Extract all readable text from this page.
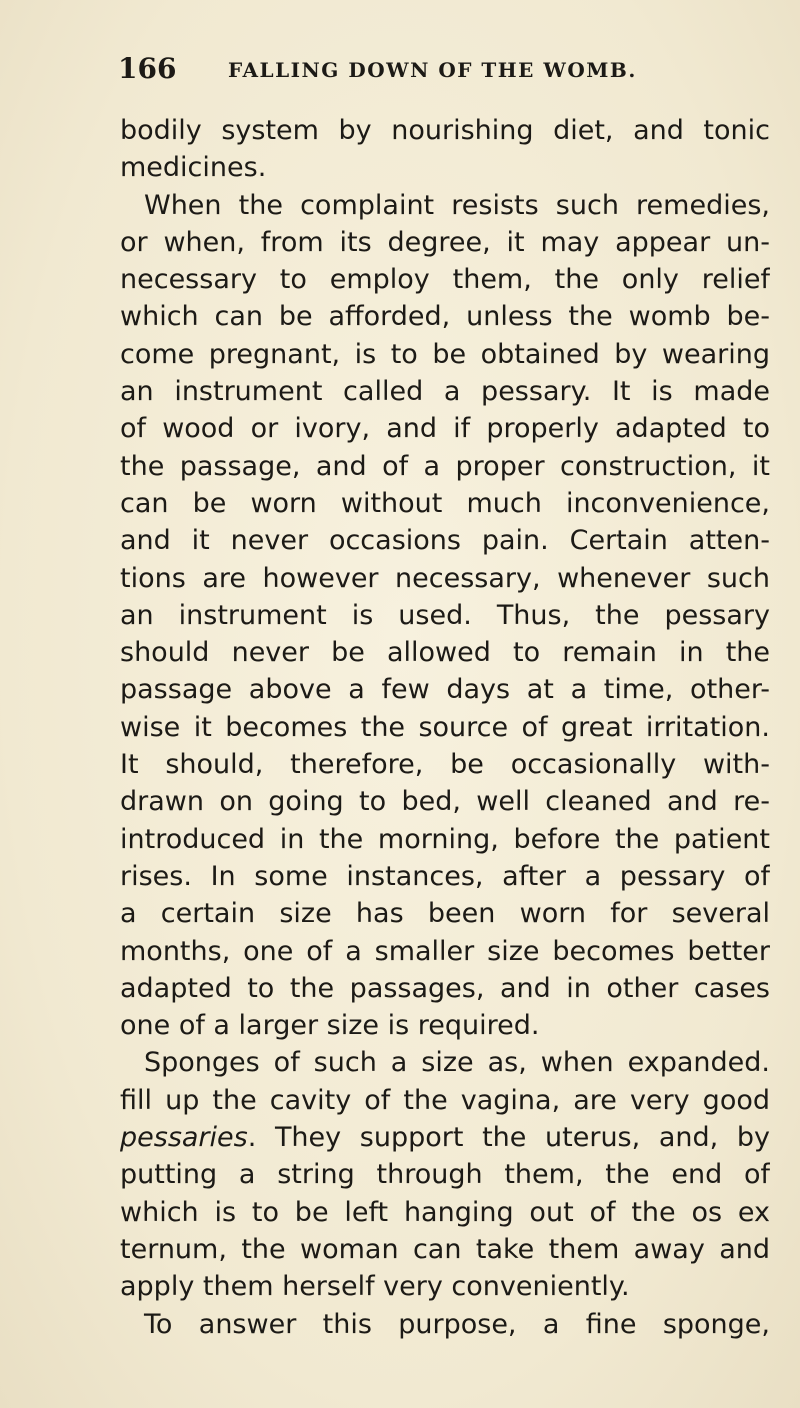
166	FALLING DOWN OF THE WOMB.
bodily system by nourishing diet, and tonic
medicines.
When the complaint resists such remedies,
or when, from its degree, it may appear un-
necessary to employ them, the only relief
which can be afforded, unless the womb be-
come pregnant, is to be obtained by wearing
an instrument called a pessary. It is made
of wood or ivory, and if properly adapted to
the passage, and of a proper construction, it
can be worn without much inconvenience,
and it never occasions pain. Certain atten-
tions are however necessary, whenever such
an instrument is used. Thus, the pessary
should never be allowed to remain in the
passage above a few days at a time, other-
wise it becomes the source of great irritation.
It should, therefore, be occasionally with-
drawn on going to bed, well cleaned and re-
introduced in the morning, before the patient
rises. In some instances, after a pessary of
a certain size has been worn for several
months, one of a smaller size becomes better
adapted to the passages, and in other cases
one of a larger size is required.
Sponges of such a size as, when expanded.
fill up the cavity of the vagina, are very good
pessaries. They support the uterus, and, by
putting a string through them, the end of
which is to be left hanging out of the os ex
ternum, the woman can take them away and
apply them herself very conveniently.
To answer this purpose, a fine sponge,
